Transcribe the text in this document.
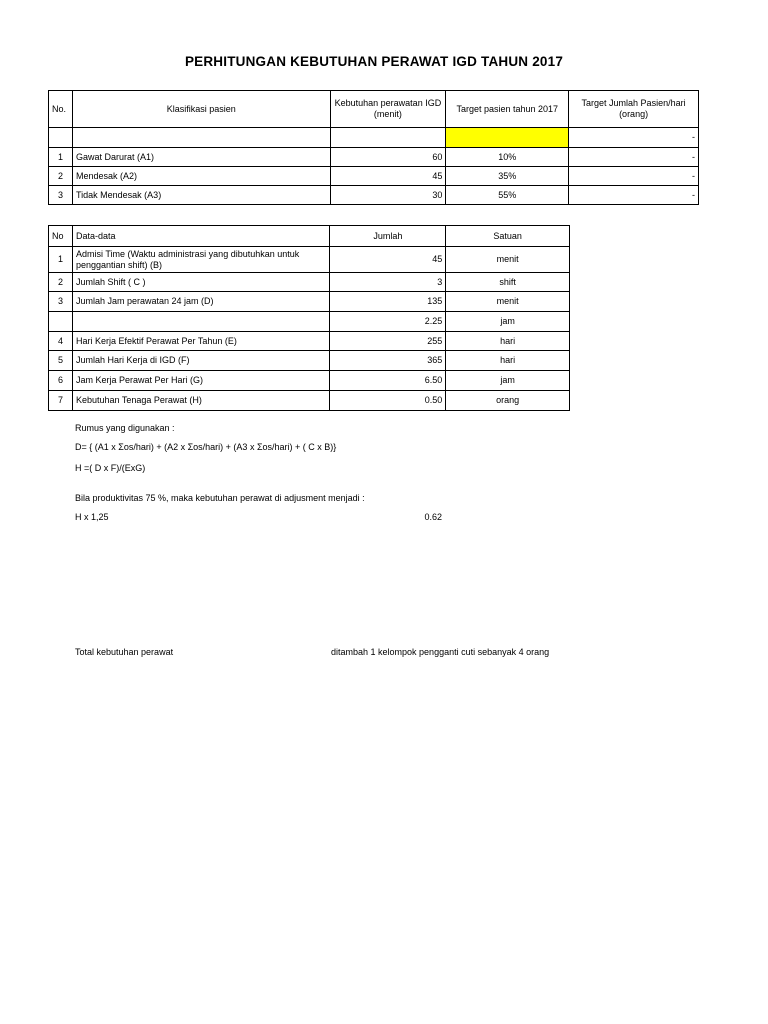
PERHITUNGAN KEBUTUHAN PERAWAT IGD TAHUN 2017
No.	Klasifikasi pasien	Kebutuhan perawatan IGD (menit)	Target pasien tahun 2017	Target Jumlah Pasien/hari (orang)
				-
1	Gawat Darurat (A1)	60	10%	-
2	Mendesak (A2)	45	35%	-
3	Tidak Mendesak (A3)	30	55%	-
No	Data-data	Jumlah	Satuan
1	Admisi Time (Waktu administrasi yang dibutuhkan untuk penggantian shift) (B)	45	menit
2	Jumlah Shift ( C )	3	shift
3	Jumlah Jam perawatan 24 jam (D)	135	menit
		2.25	jam
4	Hari Kerja Efektif Perawat Per Tahun (E)	255	hari
5	Jumlah Hari Kerja di IGD (F)	365	hari
6	Jam Kerja Perawat Per Hari (G)	6.50	jam
7	Kebutuhan Tenaga Perawat (H)	0.50	orang
Rumus yang digunakan :
D= { (A1 x Σos/hari) + (A2 x Σos/hari) + (A3 x Σos/hari) + ( C x B)}
H =( D x F)/(ExG)
Bila produktivitas 75 %, maka kebutuhan perawat di adjusment menjadi :
H x 1,25	0.62
Total kebutuhan perawat	ditambah 1 kelompok pengganti cuti sebanyak 4 orang
